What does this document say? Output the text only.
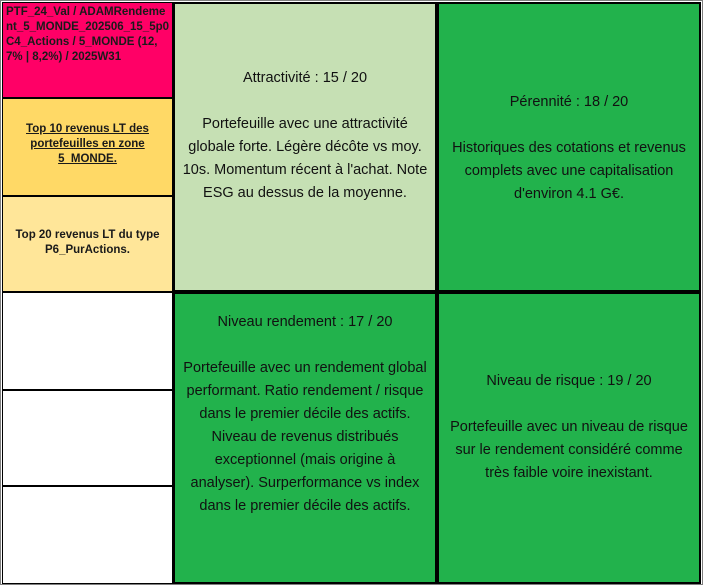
PTF_24_Val / ADAMRendement_5_MONDE_202506_15_5p0 C4_Actions / 5_MONDE (12,7% | 8,2%) / 2025W31
Top 10 revenus LT des portefeuilles en zone 5_MONDE.
Top 20 revenus LT du type P6_PurActions.

Attractivité : 15 / 20

Portefeuille avec une attractivité globale forte. Légère décôte vs moy. 10s. Momentum récent à l'achat. Note ESG au dessus de la moyenne.

Pérennité : 18 / 20

Historiques des cotations et revenus complets avec une capitalisation d'environ 4.1 G€.

Niveau rendement : 17 / 20

Portefeuille avec un rendement global performant. Ratio rendement / risque dans le premier décile des actifs. Niveau de revenus distribués exceptionnel (mais origine à analyser). Surperformance vs index dans le premier décile des actifs.

Niveau de risque : 19 / 20

Portefeuille avec un niveau de risque sur le rendement considéré comme très faible voire inexistant.
